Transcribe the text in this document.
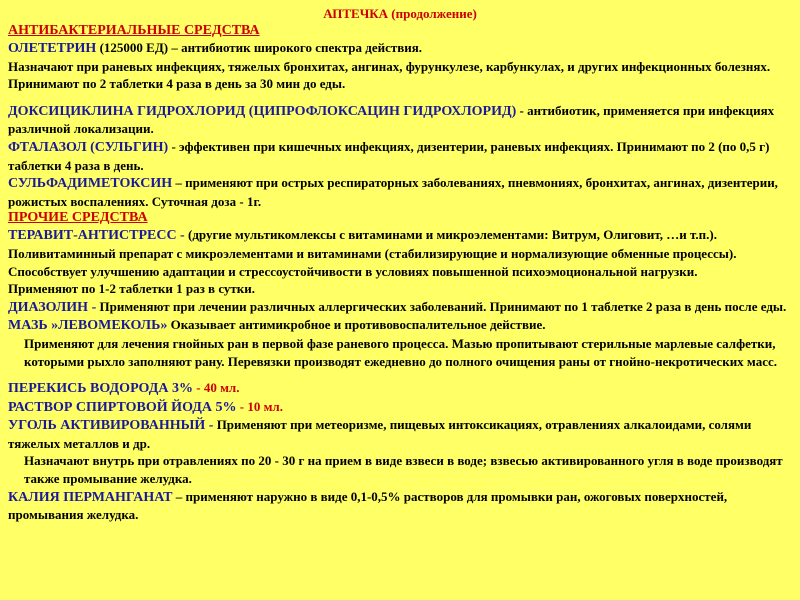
АПТЕЧКА (продолжение)
АНТИБАКТЕРИАЛЬНЫЕ СРЕДСТВА

ОЛЕТЕТРИН (125000 ЕД) – антибиотик широкого спектра действия.

Назначают при раневых инфекциях, тяжелых бронхитах, ангинах, фурункулезе, карбункулах, и других инфекционных болезнях. Принимают по 2 таблетки 4 раза в день за 30 мин до еды.

ДОКСИЦИКЛИНА ГИДРОХЛОРИД (ЦИПРОФЛОКСАЦИН ГИДРОХЛОРИД) - антибиотик, применяется при инфекциях различной локализации.

ФТАЛАЗОЛ (СУЛЬГИН) - эффективен при кишечных инфекциях, дизентерии, раневых инфекциях. Принимают по 2 (по 0,5 г) таблетки 4 раза в день.

СУЛЬФАДИМЕТОКСИН – применяют при острых респираторных заболеваниях, пневмониях, бронхитах, ангинах, дизентерии, рожистых воспалениях. Суточная доза - 1г.

ПРОЧИЕ СРЕДСТВА

ТЕРАВИТ-АНТИСТРЕСС - (другие мультикомлексы с витаминами и микроэлементами: Витрум, Олиговит, …и т.п.). Поливитаминный препарат с микроэлементами и витаминами (стабилизирующие и нормализующие обменные процессы). Способствует улучшению адаптации и стрессоустойчивости в условиях повышенной психоэмоциональной нагрузки.

Применяют по 1-2 таблетки 1 раз в сутки.

ДИАЗОЛИН - Применяют при лечении различных аллергических заболеваний. Принимают по 1 таблетке 2 раза в день после еды.

МАЗЬ »ЛЕВОМЕКОЛЬ» Оказывает антимикробное и противовоспалительное действие.

Применяют для лечения гнойных ран в первой фазе раневого процесса. Мазью пропитывают стерильные марлевые салфетки, которыми рыхло заполняют рану. Перевязки производят ежедневно до полного очищения раны от гнойно-некротических масс.

ПЕРЕКИСЬ ВОДОРОДА 3% - 40 мл.

РАСТВОР СПИРТОВОЙ ЙОДА 5% - 10 мл.

УГОЛЬ АКТИВИРОВАННЫЙ - Применяют при метеоризме, пищевых интоксикациях, отравлениях алкалоидами, солями тяжелых металлов и др.

Назначают внутрь при отравлениях по 20 - 30 г на прием в виде взвеси в воде; взвесью активированного угля в воде производят также промывание желудка.

КАЛИЯ ПЕРМАНГАНАТ – применяют наружно в виде 0,1-0,5% растворов для промывки ран, ожоговых поверхностей, промывания желудка.
